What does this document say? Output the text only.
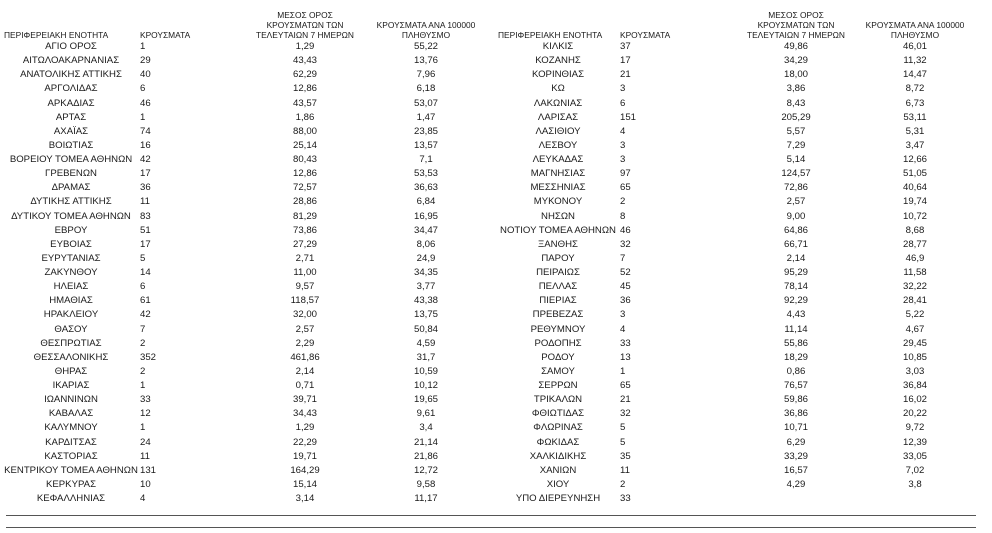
ΠΕΡΙΦΕΡΕΙΑΚΗ ΕΝΟΤΗΤΑ	ΚΡΟΥΣΜΑΤΑ	ΜΕΣΟΣ ΟΡΟΣ ΚΡΟΥΣΜΑΤΩΝ ΤΩΝ ΤΕΛΕΥΤΑΙΩΝ 7 ΗΜΕΡΩΝ	ΚΡΟΥΣΜΑΤΑ ΑΝΑ 100000 ΠΛΗΘΥΣΜΟ
ΑΓΙΟ ΟΡΟΣ	1	1,29	55,22
ΑΙΤΩΛΟΑΚΑΡΝΑΝΙΑΣ	29	43,43	13,76
ΑΝΑΤΟΛΙΚΗΣ ΑΤΤΙΚΗΣ	40	62,29	7,96
ΑΡΓΟΛΙΔΑΣ	6	12,86	6,18
ΑΡΚΑΔΙΑΣ	46	43,57	53,07
ΑΡΤΑΣ	1	1,86	1,47
ΑΧΑΪΑΣ	74	88,00	23,85
ΒΟΙΩΤΙΑΣ	16	25,14	13,57
ΒΟΡΕΙΟΥ ΤΟΜΕΑ ΑΘΗΝΩΝ	42	80,43	7,1
ΓΡΕΒΕΝΩΝ	17	12,86	53,53
ΔΡΑΜΑΣ	36	72,57	36,63
ΔΥΤΙΚΗΣ ΑΤΤΙΚΗΣ	11	28,86	6,84
ΔΥΤΙΚΟΥ ΤΟΜΕΑ ΑΘΗΝΩΝ	83	81,29	16,95
ΕΒΡΟΥ	51	73,86	34,47
ΕΥΒΟΙΑΣ	17	27,29	8,06
ΕΥΡΥΤΑΝΙΑΣ	5	2,71	24,9
ΖΑΚΥΝΘΟΥ	14	11,00	34,35
ΗΛΕΙΑΣ	6	9,57	3,77
ΗΜΑΘΙΑΣ	61	118,57	43,38
ΗΡΑΚΛΕΙΟΥ	42	32,00	13,75
ΘΑΣΟΥ	7	2,57	50,84
ΘΕΣΠΡΩΤΙΑΣ	2	2,29	4,59
ΘΕΣΣΑΛΟΝΙΚΗΣ	352	461,86	31,7
ΘΗΡΑΣ	2	2,14	10,59
ΙΚΑΡΙΑΣ	1	0,71	10,12
ΙΩΑΝΝΙΝΩΝ	33	39,71	19,65
ΚΑΒΑΛΑΣ	12	34,43	9,61
ΚΑΛΥΜΝΟΥ	1	1,29	3,4
ΚΑΡΔΙΤΣΑΣ	24	22,29	21,14
ΚΑΣΤΟΡΙΑΣ	11	19,71	21,86
ΚΕΝΤΡΙΚΟΥ ΤΟΜΕΑ ΑΘΗΝΩΝ	131	164,29	12,72
ΚΕΡΚΥΡΑΣ	10	15,14	9,58
ΚΕΦΑΛΛΗΝΙΑΣ	4	3,14	11,17
ΠΕΡΙΦΕΡΕΙΑΚΗ ΕΝΟΤΗΤΑ	ΚΡΟΥΣΜΑΤΑ	ΜΕΣΟΣ ΟΡΟΣ ΚΡΟΥΣΜΑΤΩΝ ΤΩΝ ΤΕΛΕΥΤΑΙΩΝ 7 ΗΜΕΡΩΝ	ΚΡΟΥΣΜΑΤΑ ΑΝΑ 100000 ΠΛΗΘΥΣΜΟ
ΚΙΛΚΙΣ	37	49,86	46,01
ΚΟΖΑΝΗΣ	17	34,29	11,32
ΚΟΡΙΝΘΙΑΣ	21	18,00	14,47
ΚΩ	3	3,86	8,72
ΛΑΚΩΝΙΑΣ	6	8,43	6,73
ΛΑΡΙΣΑΣ	151	205,29	53,11
ΛΑΣΙΘΙΟΥ	4	5,57	5,31
ΛΕΣΒΟΥ	3	7,29	3,47
ΛΕΥΚΑΔΑΣ	3	5,14	12,66
ΜΑΓΝΗΣΙΑΣ	97	124,57	51,05
ΜΕΣΣΗΝΙΑΣ	65	72,86	40,64
ΜΥΚΟΝΟΥ	2	2,57	19,74
ΝΗΣΩΝ	8	9,00	10,72
ΝΟΤΙΟΥ ΤΟΜΕΑ ΑΘΗΝΩΝ	46	64,86	8,68
ΞΑΝΘΗΣ	32	66,71	28,77
ΠΑΡΟΥ	7	2,14	46,9
ΠΕΙΡΑΙΩΣ	52	95,29	11,58
ΠΕΛΛΑΣ	45	78,14	32,22
ΠΙΕΡΙΑΣ	36	92,29	28,41
ΠΡΕΒΕΖΑΣ	3	4,43	5,22
ΡΕΘΥΜΝΟΥ	4	11,14	4,67
ΡΟΔΟΠΗΣ	33	55,86	29,45
ΡΟΔΟΥ	13	18,29	10,85
ΣΑΜΟΥ	1	0,86	3,03
ΣΕΡΡΩΝ	65	76,57	36,84
ΤΡΙΚΑΛΩΝ	21	59,86	16,02
ΦΘΙΩΤΙΔΑΣ	32	36,86	20,22
ΦΛΩΡΙΝΑΣ	5	10,71	9,72
ΦΩΚΙΔΑΣ	5	6,29	12,39
ΧΑΛΚΙΔΙΚΗΣ	35	33,29	33,05
ΧΑΝΙΩΝ	11	16,57	7,02
ΧΙΟΥ	2	4,29	3,8
ΥΠΟ ΔΙΕΡΕΥΝΗΣΗ	33		
